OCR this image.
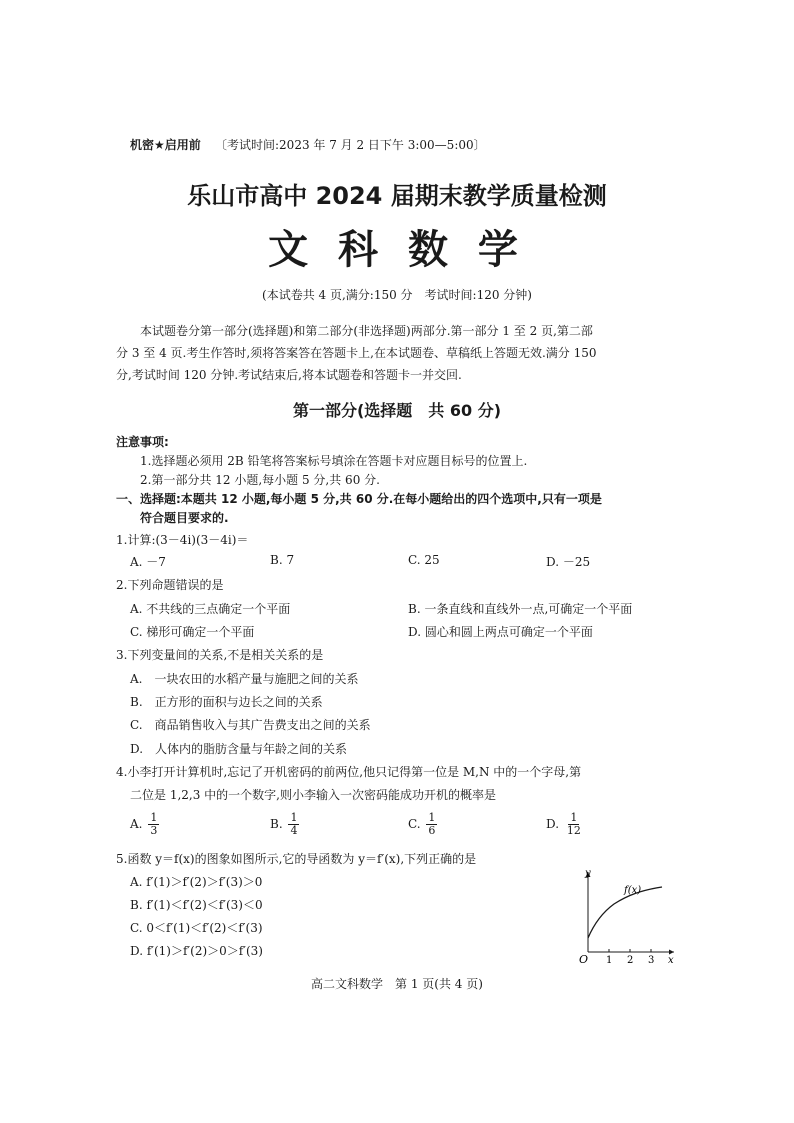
机密★启用前 〔考试时间:2023 年 7 月 2 日下午 3:00—5:00〕
乐山市高中 2024 届期末教学质量检测
文 科 数 学
(本试卷共 4 页,满分:150 分　考试时间:120 分钟)
本试题卷分第一部分(选择题)和第二部分(非选择题)两部分.第一部分 1 至 2 页,第二部
分 3 至 4 页.考生作答时,须将答案答在答题卡上,在本试题卷、草稿纸上答题无效.满分 150
分,考试时间 120 分钟.考试结束后,将本试题卷和答题卡一并交回.
第一部分(选择题　共 60 分)
注意事项:
1.选择题必须用 2B 铅笔将答案标号填涂在答题卡对应题目标号的位置上.
2.第一部分共 12 小题,每小题 5 分,共 60 分.
一、选择题:本题共 12 小题,每小题 5 分,共 60 分.在每小题给出的四个选项中,只有一项是
符合题目要求的.
1.计算:(3－4i)(3－4i)＝
A. －7	B. 7	C. 25	D. －25
2.下列命题错误的是
A. 不共线的三点确定一个平面	B. 一条直线和直线外一点,可确定一个平面
C. 梯形可确定一个平面	D. 圆心和圆上两点可确定一个平面
3.下列变量间的关系,不是相关关系的是
A.　一块农田的水稻产量与施肥之间的关系
B.　正方形的面积与边长之间的关系
C.　商品销售收入与其广告费支出之间的关系
D.　人体内的脂肪含量与年龄之间的关系
4.小李打开计算机时,忘记了开机密码的前两位,他只记得第一位是 M,N 中的一个字母,第
二位是 1,2,3 中的一个数字,则小李输入一次密码能成功开机的概率是
A. $\frac{1}{3}$	B. $\frac{1}{4}$	C. $\frac{1}{6}$	D. $\frac{1}{12}$
5.函数 y＝f(x)的图象如图所示,它的导函数为 y＝f′(x),下列正确的是
A. f′(1)＞f′(2)＞f′(3)＞0
B. f′(1)＜f′(2)＜f′(3)＜0
C. 0＜f′(1)＜f′(2)＜f′(3)
D. f′(1)＞f′(2)＞0＞f′(3)
y
f(x)
O 1 2 3 x
高二文科数学　第 1 页(共 4 页)
